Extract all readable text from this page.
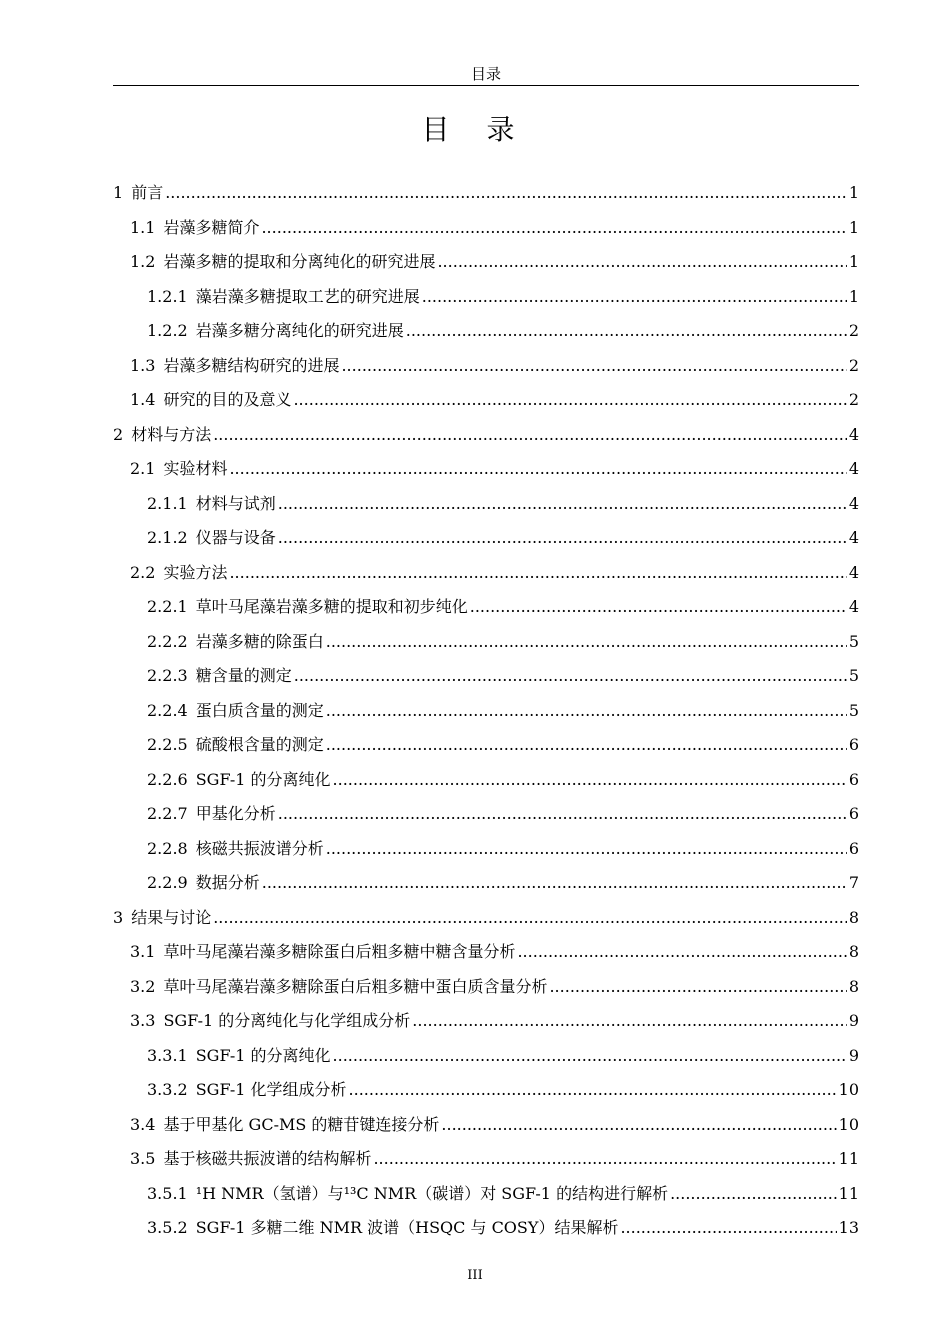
目录
目 录
1 前言 .....	1
1.1 岩藻多糖简介 .....	1
1.2 岩藻多糖的提取和分离纯化的研究进展 .....	1
1.2.1 藻岩藻多糖提取工艺的研究进展 .....	1
1.2.2 岩藻多糖分离纯化的研究进展 .....	2
1.3 岩藻多糖结构研究的进展 .....	2
1.4 研究的目的及意义 .....	2
2 材料与方法 .....	4
2.1 实验材料 .....	4
2.1.1 材料与试剂 .....	4
2.1.2 仪器与设备 .....	4
2.2 实验方法 .....	4
2.2.1 草叶马尾藻岩藻多糖的提取和初步纯化 .....	4
2.2.2 岩藻多糖的除蛋白 .....	5
2.2.3 糖含量的测定 .....	5
2.2.4 蛋白质含量的测定 .....	5
2.2.5 硫酸根含量的测定 .....	6
2.2.6 SGF-1 的分离纯化 .....	6
2.2.7 甲基化分析 .....	6
2.2.8 核磁共振波谱分析 .....	6
2.2.9 数据分析 .....	7
3 结果与讨论 .....	8
3.1 草叶马尾藻岩藻多糖除蛋白后粗多糖中糖含量分析 .....	8
3.2 草叶马尾藻岩藻多糖除蛋白后粗多糖中蛋白质含量分析 .....	8
3.3 SGF-1 的分离纯化与化学组成分析 .....	9
3.3.1 SGF-1 的分离纯化 .....	9
3.3.2 SGF-1 化学组成分析 .....	10
3.4 基于甲基化 GC-MS 的糖苷键连接分析 .....	10
3.5 基于核磁共振波谱的结构解析 .....	11
3.5.1 ¹H NMR（氢谱）与¹³C NMR（碳谱）对 SGF-1 的结构进行解析 .....	11
3.5.2 SGF-1 多糖二维 NMR 波谱（HSQC 与 COSY）结果解析 .....	13
III
